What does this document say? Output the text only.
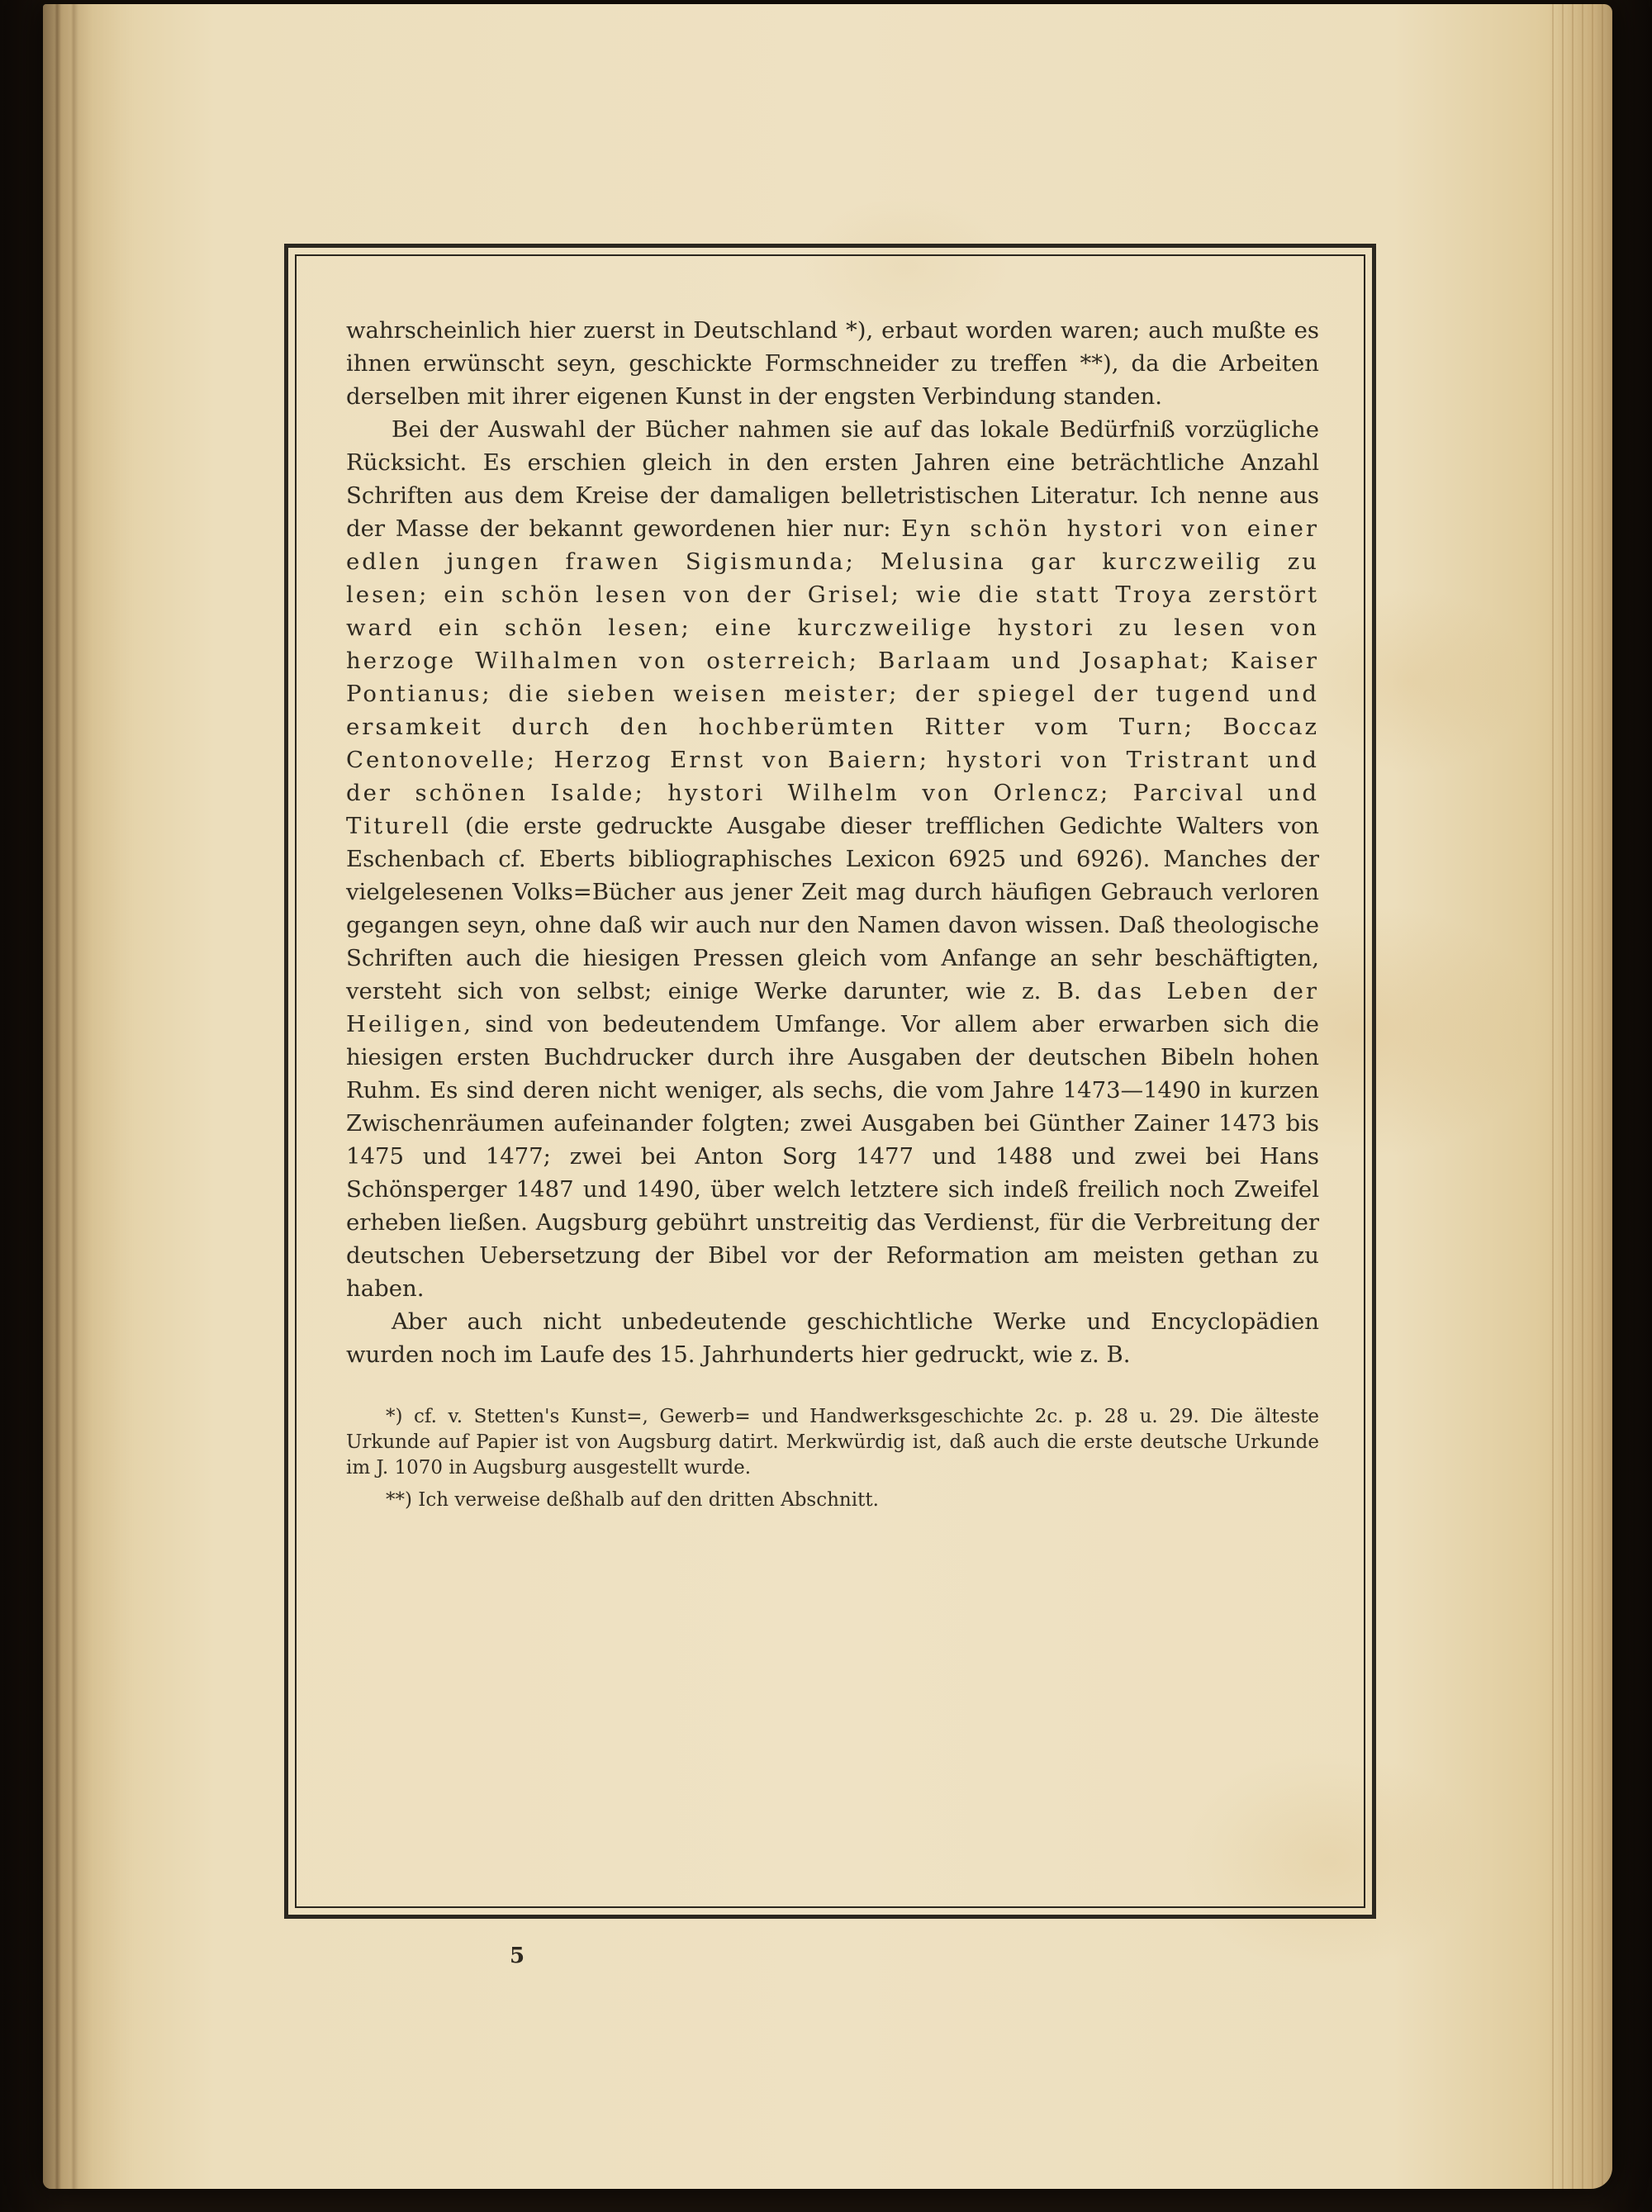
wahrscheinlich hier zuerst in Deutschland *), erbaut worden waren; auch mußte es ihnen erwünscht seyn, geschickte Formschneider zu treffen **), da die Arbeiten derselben mit ihrer eigenen Kunst in der engsten Verbindung standen.

Bei der Auswahl der Bücher nahmen sie auf das lokale Bedürfniß vorzügliche Rücksicht. Es erschien gleich in den ersten Jahren eine beträchtliche Anzahl Schriften aus dem Kreise der damaligen belletristischen Literatur. Ich nenne aus der Masse der bekannt gewordenen hier nur: Eyn schön hystori von einer edlen jungen frawen Sigismunda; Melusina gar kurczweilig zu lesen; ein schön lesen von der Grisel; wie die statt Troya zerstört ward ein schön lesen; eine kurczweilige hystori zu lesen von herzoge Wilhalmen von osterreich; Barlaam und Josaphat; Kaiser Pontianus; die sieben weisen meister; der spiegel der tugend und ersamkeit durch den hochberümten Ritter vom Turn; Boccaz Centonovelle; Herzog Ernst von Baiern; hystori von Tristrant und der schönen Isalde; hystori Wilhelm von Orlencz; Parcival und Titurell (die erste gedruckte Ausgabe dieser trefflichen Gedichte Walters von Eschenbach cf. Eberts bibliographisches Lexicon 6925 und 6926). Manches der vielgelesenen Volks=Bücher aus jener Zeit mag durch häufigen Gebrauch verloren gegangen seyn, ohne daß wir auch nur den Namen davon wissen. Daß theologische Schriften auch die hiesigen Pressen gleich vom Anfange an sehr beschäftigten, versteht sich von selbst; einige Werke darunter, wie z. B. das Leben der Heiligen, sind von bedeutendem Umfange. Vor allem aber erwarben sich die hiesigen ersten Buchdrucker durch ihre Ausgaben der deutschen Bibeln hohen Ruhm. Es sind deren nicht weniger, als sechs, die vom Jahre 1473—1490 in kurzen Zwischenräumen aufeinander folgten; zwei Ausgaben bei Günther Zainer 1473 bis 1475 und 1477; zwei bei Anton Sorg 1477 und 1488 und zwei bei Hans Schönsperger 1487 und 1490, über welch letztere sich indeß freilich noch Zweifel erheben ließen. Augsburg gebührt unstreitig das Verdienst, für die Verbreitung der deutschen Uebersetzung der Bibel vor der Reformation am meisten gethan zu haben.

Aber auch nicht unbedeutende geschichtliche Werke und Encyclopädien wurden noch im Laufe des 15. Jahrhunderts hier gedruckt, wie z. B.

*) cf. v. Stetten's Kunst=, Gewerb= und Handwerksgeschichte 2c. p. 28 u. 29. Die älteste Urkunde auf Papier ist von Augsburg datirt. Merkwürdig ist, daß auch die erste deutsche Urkunde im J. 1070 in Augsburg ausgestellt wurde.

**) Ich verweise deßhalb auf den dritten Abschnitt.

5
